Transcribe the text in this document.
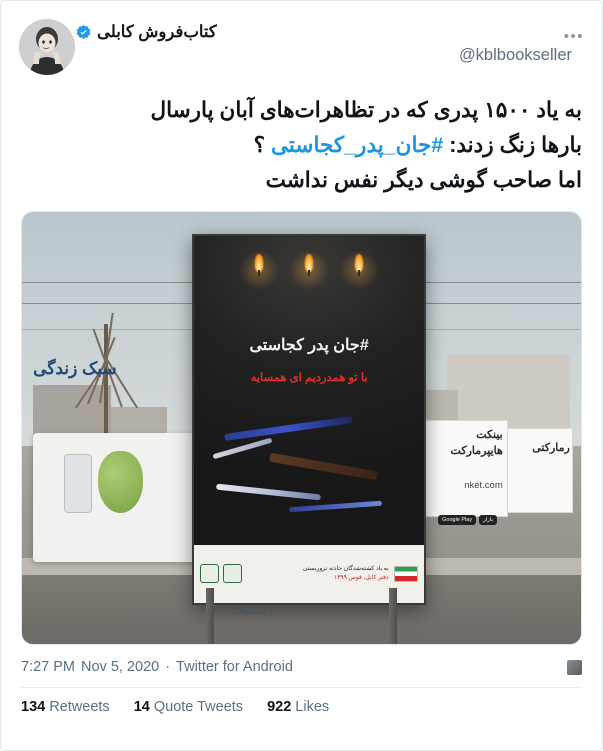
کتاب‌فروش کابلی
@kblbookseller
•••
به یاد ۱۵۰۰ پدری که در تظاهرات‌های آبان پارسال
بارها زنگ زدند: #جان_پدر_کجاستی ؟
اما صاحب گوشی دیگر نفس نداشت
سبک زندگی
و محصولات
رمارکتی
بینکت
هایپرمارکت
nket.com
Google Play	بازار
#جان پدر کجاستی
با تو همدردیم ای همسایه
به یاد کشته‌شدگان حادثه تروریستی
دفتر کابل، قوس ۱۳۹۹
7:27 PM Nov 5, 2020 · Twitter for Android
134 Retweets 14 Quote Tweets 922 Likes
